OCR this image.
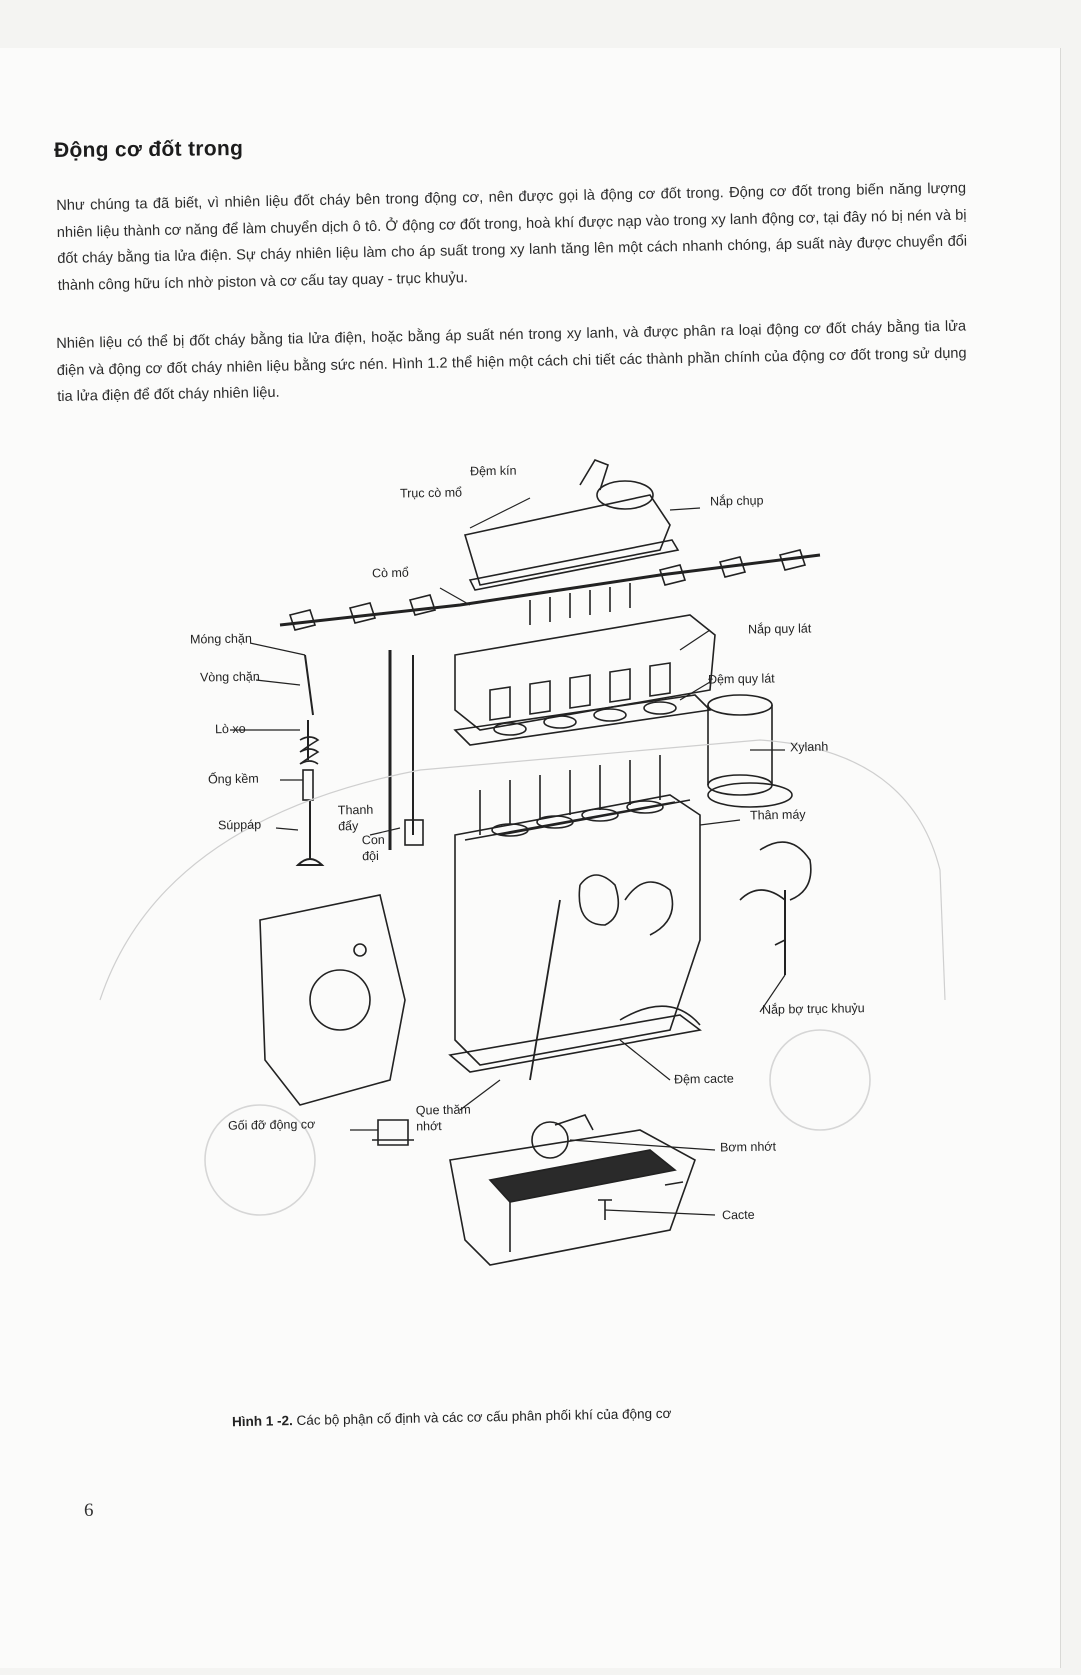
Động cơ đốt trong

Như chúng ta đã biết, vì nhiên liệu đốt cháy bên trong động cơ, nên được gọi là động cơ đốt trong. Động cơ đốt trong biến năng lượng nhiên liệu thành cơ năng để làm chuyển dịch ô tô. Ở động cơ đốt trong, hoà khí được nạp vào trong xy lanh động cơ, tại đây nó bị nén và bị đốt cháy bằng tia lửa điện. Sự cháy nhiên liệu làm cho áp suất trong xy lanh tăng lên một cách nhanh chóng, áp suất này được chuyển đổi thành công hữu ích nhờ piston và cơ cấu tay quay - trục khuỷu.

Nhiên liệu có thể bị đốt cháy bằng tia lửa điện, hoặc bằng áp suất nén trong xy lanh, và được phân ra loại động cơ đốt cháy bằng tia lửa điện và động cơ đốt cháy nhiên liệu bằng sức nén. Hình 1.2 thể hiện một cách chi tiết các thành phần chính của động cơ đốt trong sử dụng tia lửa điện để đốt cháy nhiên liệu.

Đệm kín
Trục cò mổ
Nắp chụp
Cò mổ
Móng chặn
Vòng chặn
Lò xo
Ống kềm
Súppáp
Thanh đẩy
Con đội
Nắp quy lát
Đệm quy lát
Xylanh
Thân máy
Nắp bợ trục khuỷu
Đệm cacte
Gối đỡ động cơ
Que thăm nhớt
Bơm nhớt
Cacte
Hình 1 -2. Các bộ phận cố định và các cơ cấu phân phối khí của động cơ
6
